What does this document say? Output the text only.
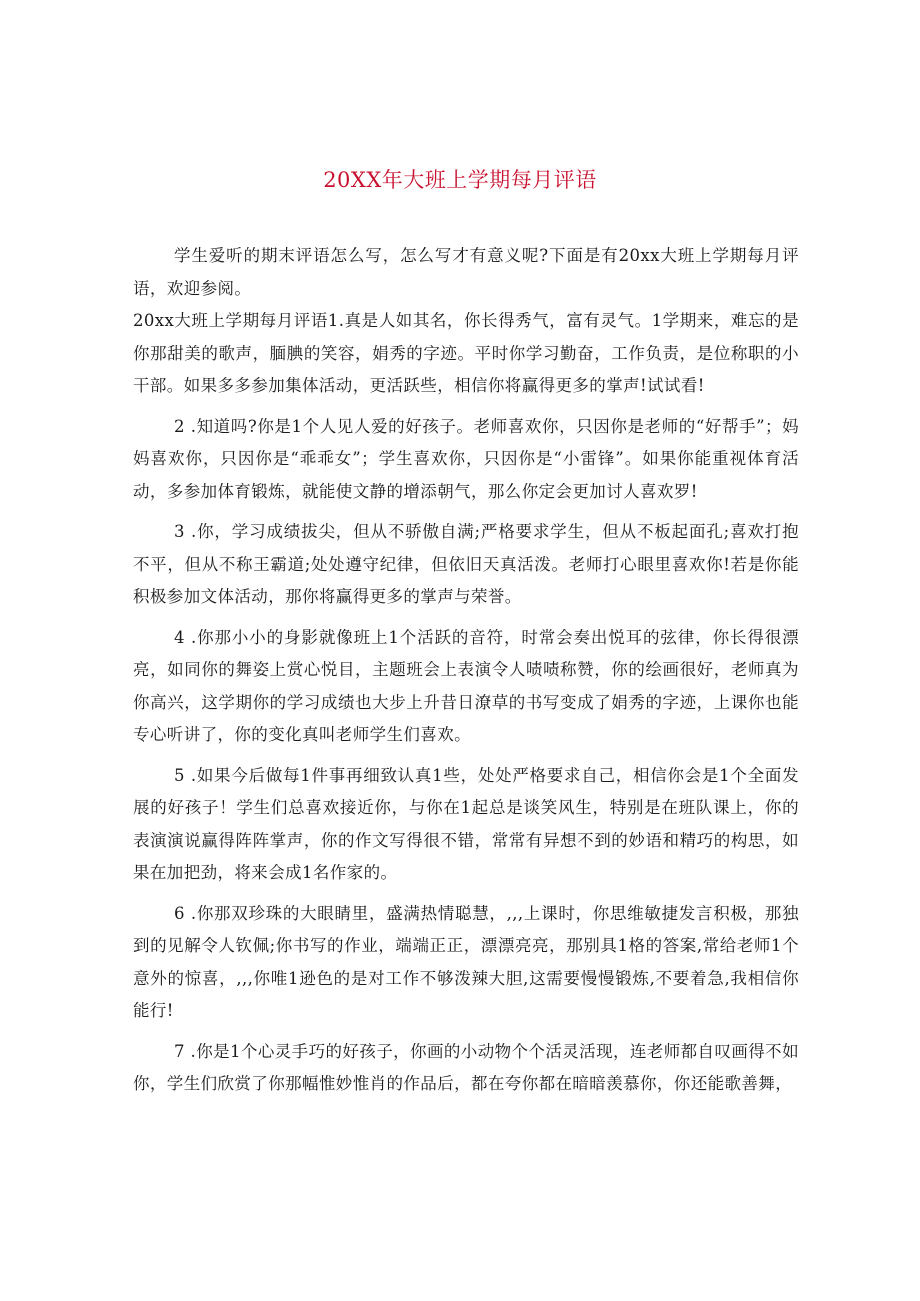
20XX年大班上学期每月评语

学生爱听的期末评语怎么写，怎么写才有意义呢?下面是有20xx大班上学期每月评语，欢迎参阅。

20xx大班上学期每月评语1.真是人如其名，你长得秀气，富有灵气。1学期来，难忘的是你那甜美的歌声，腼腆的笑容，娟秀的字迹。平时你学习勤奋，工作负责，是位称职的小干部。如果多多参加集体活动，更活跃些，相信你将赢得更多的掌声!试试看!

2 .知道吗?你是1个人见人爱的好孩子。老师喜欢你，只因你是老师的“好帮手”；妈妈喜欢你，只因你是“乖乖女”；学生喜欢你，只因你是“小雷锋”。如果你能重视体育活动，多参加体育锻炼，就能使文静的增添朝气，那么你定会更加讨人喜欢罗!

3 .你，学习成绩拔尖，但从不骄傲自满;严格要求学生，但从不板起面孔;喜欢打抱不平，但从不称王霸道;处处遵守纪律，但依旧天真活泼。老师打心眼里喜欢你!若是你能积极参加文体活动，那你将赢得更多的掌声与荣誉。

4 .你那小小的身影就像班上1个活跃的音符，时常会奏出悦耳的弦律，你长得很漂亮，如同你的舞姿上赏心悦目，主题班会上表演令人啧啧称赞，你的绘画很好，老师真为你高兴，这学期你的学习成绩也大步上升昔日潦草的书写变成了娟秀的字迹，上课你也能专心听讲了，你的变化真叫老师学生们喜欢。

5 .如果今后做每1件事再细致认真1些，处处严格要求自己，相信你会是1个全面发展的好孩子！学生们总喜欢接近你，与你在1起总是谈笑风生，特别是在班队课上，你的表演演说赢得阵阵掌声，你的作文写得很不错，常常有异想不到的妙语和精巧的构思，如果在加把劲，将来会成1名作家的。

6 .你那双珍珠的大眼睛里，盛满热情聪慧，,,,上课时，你思维敏捷发言积极，那独到的见解令人钦佩;你书写的作业，端端正正，漂漂亮亮，那别具1格的答案,常给老师1个意外的惊喜，,,,你唯1逊色的是对工作不够泼辣大胆,这需要慢慢锻炼,不要着急,我相信你能行!

7 .你是1个心灵手巧的好孩子，你画的小动物个个活灵活现，连老师都自叹画得不如你，学生们欣赏了你那幅惟妙惟肖的作品后，都在夸你都在暗暗羡慕你，你还能歌善舞，
